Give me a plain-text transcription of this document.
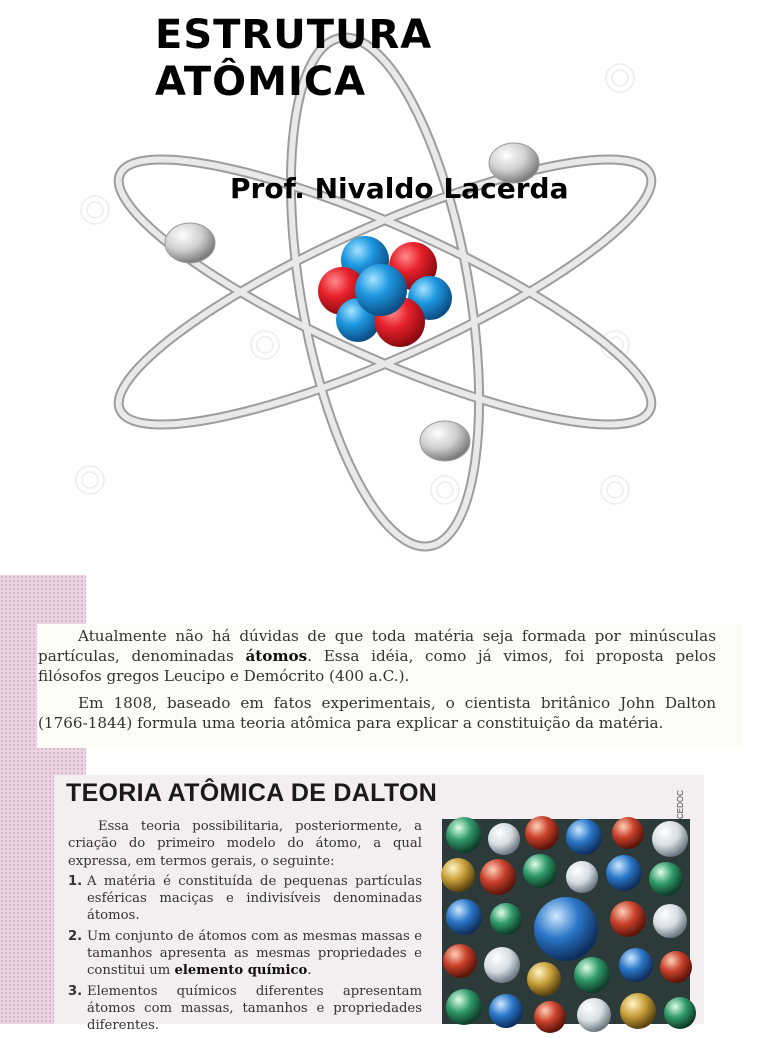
ESTRUTURA
ATÔMICA

Prof. Nivaldo Lacerda

Atualmente não há dúvidas de que toda matéria seja formada por minúsculas partículas, denominadas átomos. Essa idéia, como já vimos, foi proposta pelos filósofos gregos Leucipo e Demócrito (400 a.C.).

Em 1808, baseado em fatos experimentais, o cientista britânico John Dalton (1766-1844) formula uma teoria atômica para explicar a constituição da matéria.

TEORIA ATÔMICA DE DALTON

Essa teoria possibilitaria, posteriormente, a criação do primeiro modelo do átomo, a qual expressa, em termos gerais, o seguinte:

1. A matéria é constituída de pequenas partículas esféricas maciças e indivisíveis denominadas átomos.
2. Um conjunto de átomos com as mesmas massas e tamanhos apresenta as mesmas propriedades e constitui um elemento químico.
3. Elementos químicos diferentes apresentam átomos com massas, tamanhos e propriedades diferentes.
CEDOC
